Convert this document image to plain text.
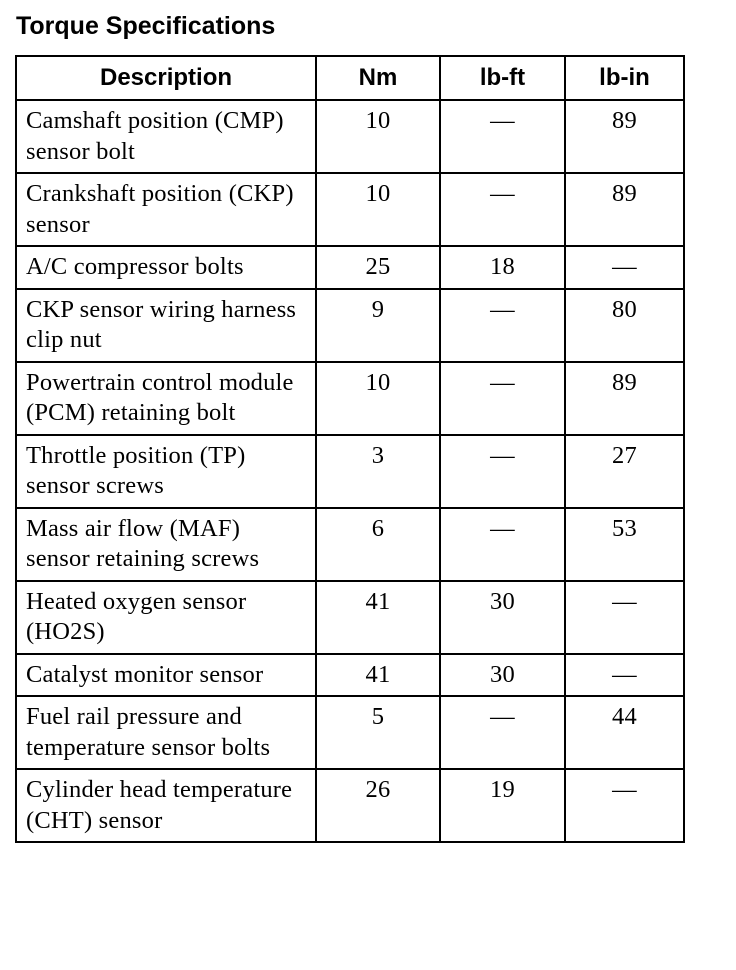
Torque Specifications
Description	Nm	lb-ft	lb-in
Camshaft position (CMP) sensor bolt	10	—	89
Crankshaft position (CKP) sensor	10	—	89
A/C compressor bolts	25	18	—
CKP sensor wiring harness clip nut	9	—	80
Powertrain control module (PCM) retaining bolt	10	—	89
Throttle position (TP) sensor screws	3	—	27
Mass air flow (MAF) sensor retaining screws	6	—	53
Heated oxygen sensor (HO2S)	41	30	—
Catalyst monitor sensor	41	30	—
Fuel rail pressure and temperature sensor bolts	5	—	44
Cylinder head temperature (CHT) sensor	26	19	—
